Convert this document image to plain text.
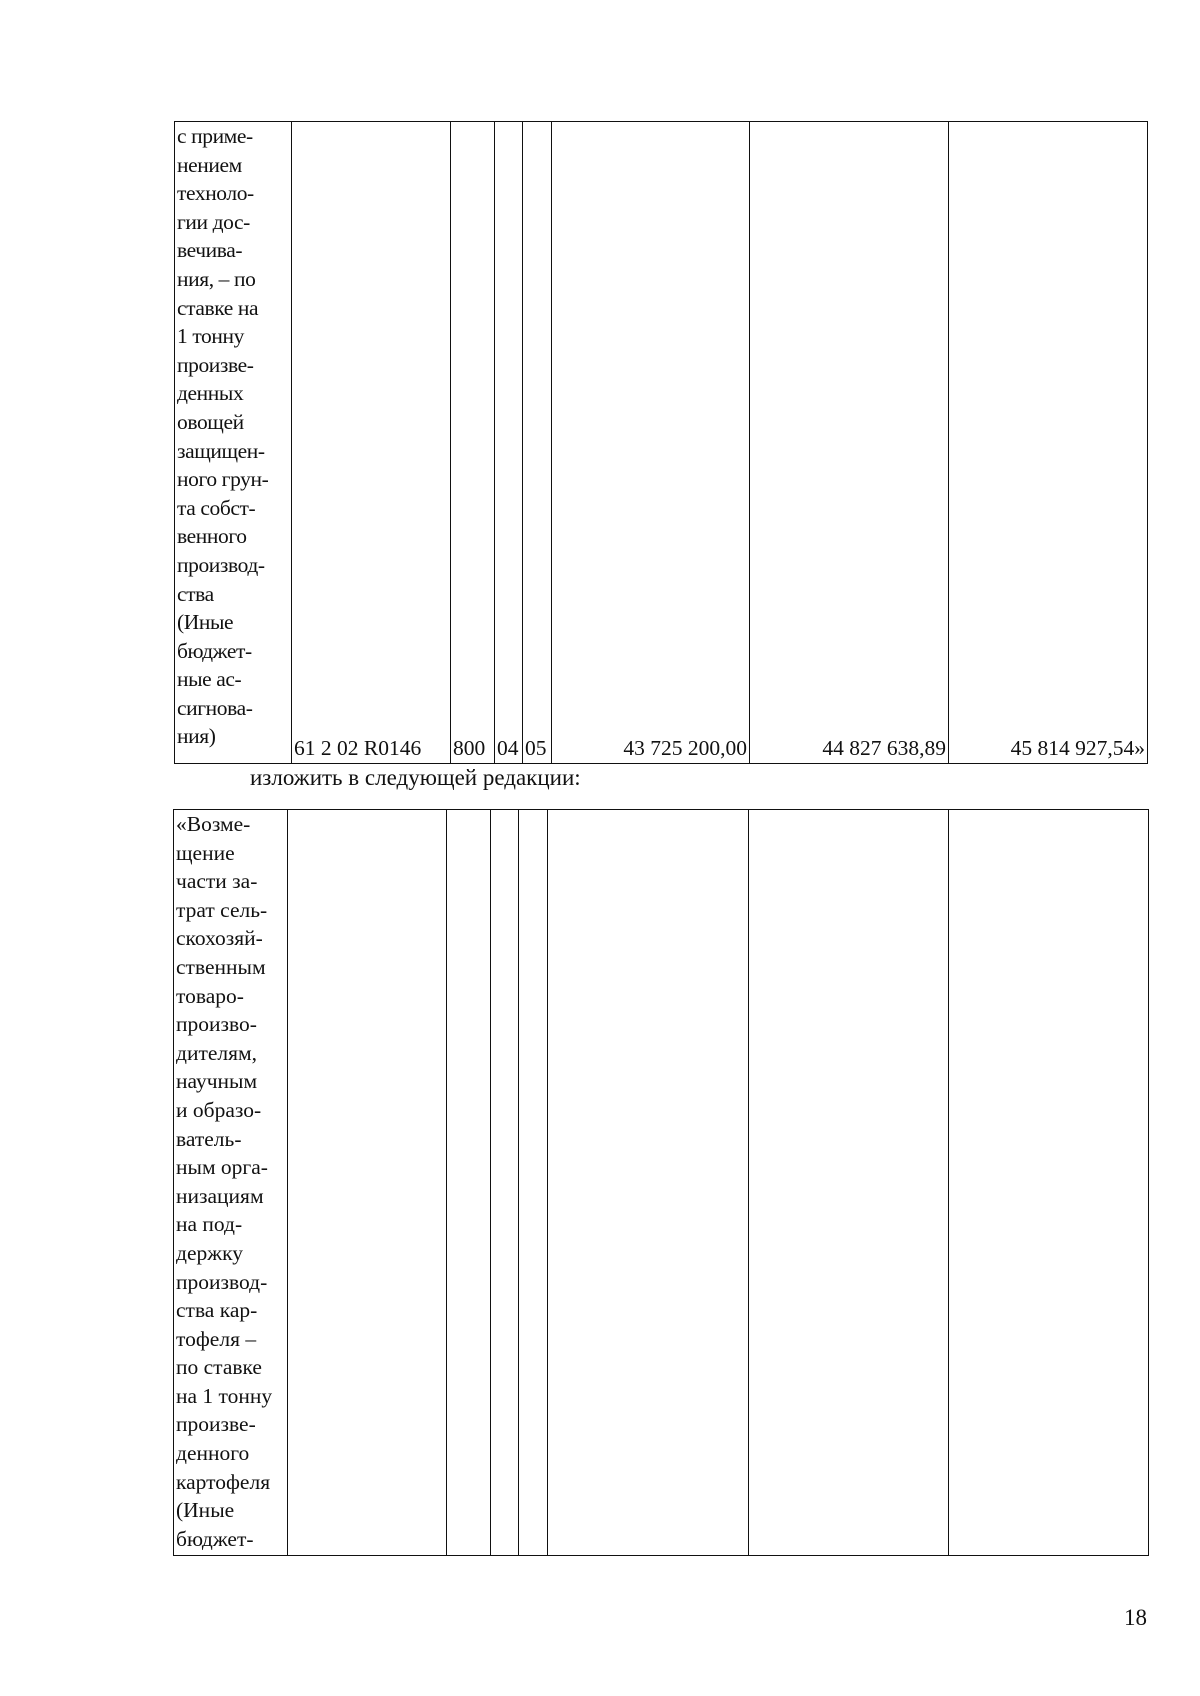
с приме-
нением
техноло-
гии дос-
вечива-
ния, – по
ставке на
1 тонну
произве-
денных
овощей
защищен-
ного грун-
та собст-
венного
производ-
ства
(Иные
бюджет-
ные ас-
сигнова-
ния)	61 2 02 R0146	800	04	05	43 725 200,00	44 827 638,89	45 814 927,54»
изложить в следующей редакции:
«Возме-
щение
части за-
трат сель-
скохозяй-
ственным
товаро-
произво-
дителям,
научным
и образо-
ватель-
ным орга-
низациям
на под-
держку
производ-
ства кар-
тофеля –
по ставке
на 1 тонну
произве-
денного
картофеля
(Иные
бюджет-

18
